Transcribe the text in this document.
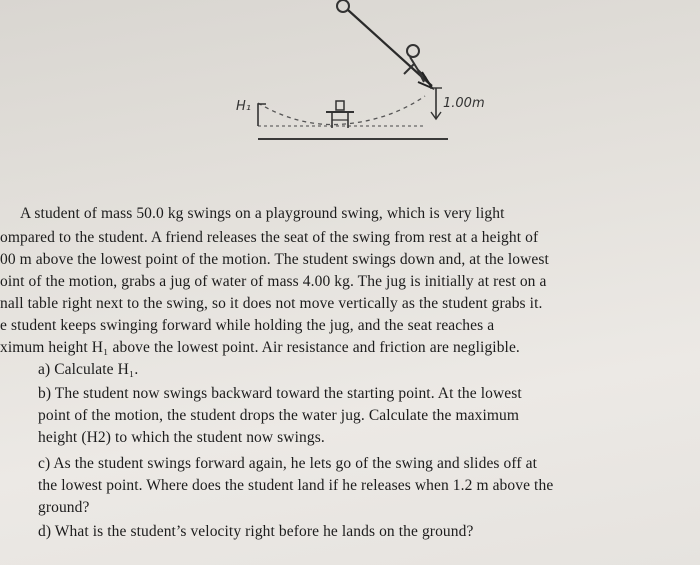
H₁	1.00m
A student of mass 50.0 kg swings on a playground swing, which is very light
ompared to the student. A friend releases the seat of the swing from rest at a height of
00 m above the lowest point of the motion. The student swings down and, at the lowest
oint of the motion, grabs a jug of water of mass 4.00 kg. The jug is initially at rest on a
nall table right next to the swing, so it does not move vertically as the student grabs it.
e student keeps swinging forward while holding the jug, and the seat reaches a
ximum height H₁ above the lowest point. Air resistance and friction are negligible.
a) Calculate H₁.
b) The student now swings backward toward the starting point. At the lowest
point of the motion, the student drops the water jug. Calculate the maximum
height (H2) to which the student now swings.
c) As the student swings forward again, he lets go of the swing and slides off at
the lowest point. Where does the student land if he releases when 1.2 m above the
ground?
d) What is the student’s velocity right before he lands on the ground?
